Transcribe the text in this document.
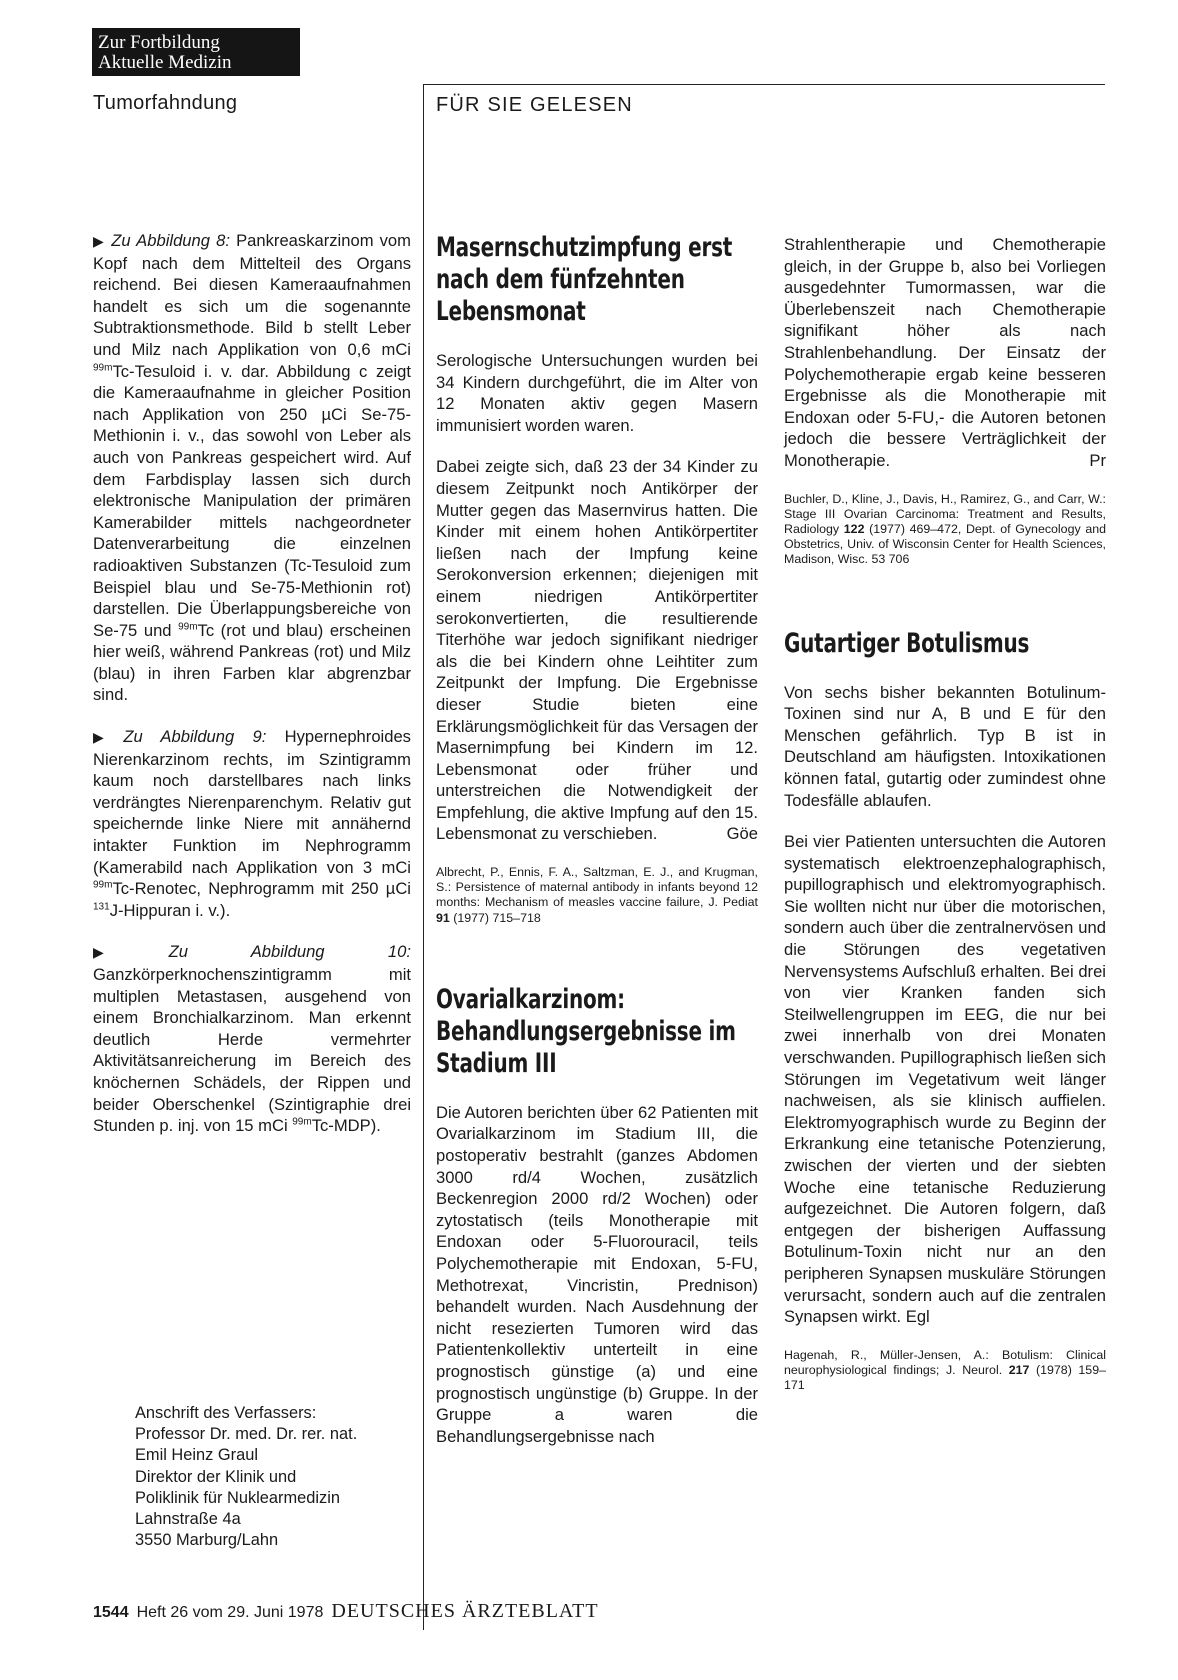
Zur Fortbildung
Aktuelle Medizin
Tumorfahndung	FÜR SIE GELESEN

▶ Zu Abbildung 8: Pankreaskarzinom vom Kopf nach dem Mittelteil des Organs reichend. Bei diesen Kameraaufnahmen handelt es sich um die sogenannte Subtraktionsmethode. Bild b stellt Leber und Milz nach Applikation von 0,6 mCi $^{99m}$Tc-Tesuloid i. v. dar. Abbildung c zeigt die Kameraaufnahme in gleicher Position nach Applikation von 250 µCi Se-75-Methionin i. v., das sowohl von Leber als auch von Pankreas gespeichert wird. Auf dem Farbdisplay lassen sich durch elektronische Manipulation der primären Kamerabilder mittels nachgeordneter Datenverarbeitung die einzelnen radioaktiven Substanzen (Tc-Tesuloid zum Beispiel blau und Se-75-Methionin rot) darstellen. Die Überlappungsbereiche von Se-75 und $^{99m}$Tc (rot und blau) erscheinen hier weiß, während Pankreas (rot) und Milz (blau) in ihren Farben klar abgrenzbar sind.

▶ Zu Abbildung 9: Hypernephroides Nierenkarzinom rechts, im Szintigramm kaum noch darstellbares nach links verdrängtes Nierenparenchym. Relativ gut speichernde linke Niere mit annähernd intakter Funktion im Nephrogramm (Kamerabild nach Applikation von 3 mCi $^{99m}$Tc-Renotec, Nephrogramm mit 250 µCi $^{131}$J-Hippuran i. v.).

▶ Zu Abbildung 10: Ganzkörperknochenszintigramm mit multiplen Metastasen, ausgehend von einem Bronchialkarzinom. Man erkennt deutlich Herde vermehrter Aktivitätsanreicherung im Bereich des knöchernen Schädels, der Rippen und beider Oberschenkel (Szintigraphie drei Stunden p. inj. von 15 mCi $^{99m}$Tc-MDP).

Anschrift des Verfassers:
Professor Dr. med. Dr. rer. nat.
Emil Heinz Graul
Direktor der Klinik und
Poliklinik für Nuklearmedizin
Lahnstraße 4a
3550 Marburg/Lahn
Masernschutzimpfung erst nach dem fünfzehnten Lebensmonat

Serologische Untersuchungen wurden bei 34 Kindern durchgeführt, die im Alter von 12 Monaten aktiv gegen Masern immunisiert worden waren.

Dabei zeigte sich, daß 23 der 34 Kinder zu diesem Zeitpunkt noch Antikörper der Mutter gegen das Masernvirus hatten. Die Kinder mit einem hohen Antikörpertiter ließen nach der Impfung keine Serokonversion erkennen; diejenigen mit einem niedrigen Antikörpertiter serokonvertierten, die resultierende Titerhöhe war jedoch signifikant niedriger als die bei Kindern ohne Leihtiter zum Zeitpunkt der Impfung. Die Ergebnisse dieser Studie bieten eine Erklärungsmöglichkeit für das Versagen der Masernimpfung bei Kindern im 12. Lebensmonat oder früher und unterstreichen die Notwendigkeit der Empfehlung, die aktive Impfung auf den 15. Lebensmonat zu verschieben.	Göe

Albrecht, P., Ennis, F. A., Saltzman, E. J., and Krugman, S.: Persistence of maternal antibody in infants beyond 12 months: Mechanism of measles vaccine failure, J. Pediat 91 (1977) 715–718

Ovarialkarzinom: Behandlungsergebnisse im Stadium III

Die Autoren berichten über 62 Patienten mit Ovarialkarzinom im Stadium III, die postoperativ bestrahlt (ganzes Abdomen 3000 rd/4 Wochen, zusätzlich Beckenregion 2000 rd/2 Wochen) oder zytostatisch (teils Monotherapie mit Endoxan oder 5-Fluorouracil, teils Polychemotherapie mit Endoxan, 5-FU, Methotrexat, Vincristin, Prednison) behandelt wurden. Nach Ausdehnung der nicht resezierten Tumoren wird das Patientenkollektiv unterteilt in eine prognostisch günstige (a) und eine prognostisch ungünstige (b) Gruppe. In der Gruppe a waren die Behandlungsergebnisse nach

Strahlentherapie und Chemotherapie gleich, in der Gruppe b, also bei Vorliegen ausgedehnter Tumormassen, war die Überlebenszeit nach Chemotherapie signifikant höher als nach Strahlenbehandlung. Der Einsatz der Polychemotherapie ergab keine besseren Ergebnisse als die Monotherapie mit Endoxan oder 5-FU,- die Autoren betonen jedoch die bessere Verträglichkeit der Monotherapie.	Pr

Buchler, D., Kline, J., Davis, H., Ramirez, G., and Carr, W.: Stage III Ovarian Carcinoma: Treatment and Results, Radiology 122 (1977) 469–472, Dept. of Gynecology and Obstetrics, Univ. of Wisconsin Center for Health Sciences, Madison, Wisc. 53 706

Gutartiger Botulismus

Von sechs bisher bekannten Botulinum-Toxinen sind nur A, B und E für den Menschen gefährlich. Typ B ist in Deutschland am häufigsten. Intoxikationen können fatal, gutartig oder zumindest ohne Todesfälle ablaufen.

Bei vier Patienten untersuchten die Autoren systematisch elektroenzephalographisch, pupillographisch und elektromyographisch. Sie wollten nicht nur über die motorischen, sondern auch über die zentralnervösen und die Störungen des vegetativen Nervensystems Aufschluß erhalten. Bei drei von vier Kranken fanden sich Steilwellengruppen im EEG, die nur bei zwei innerhalb von drei Monaten verschwanden. Pupillographisch ließen sich Störungen im Vegetativum weit länger nachweisen, als sie klinisch auffielen. Elektromyographisch wurde zu Beginn der Erkrankung eine tetanische Potenzierung, zwischen der vierten und der siebten Woche eine tetanische Reduzierung aufgezeichnet. Die Autoren folgern, daß entgegen der bisherigen Auffassung Botulinum-Toxin nicht nur an den peripheren Synapsen muskuläre Störungen verursacht, sondern auch auf die zentralen Synapsen wirkt. Egl

Hagenah, R., Müller-Jensen, A.: Botulism: Clinical neurophysiological findings; J. Neurol. 217 (1978) 159–171

1544 Heft 26 vom 29. Juni 1978 DEUTSCHES ÄRZTEBLATT
